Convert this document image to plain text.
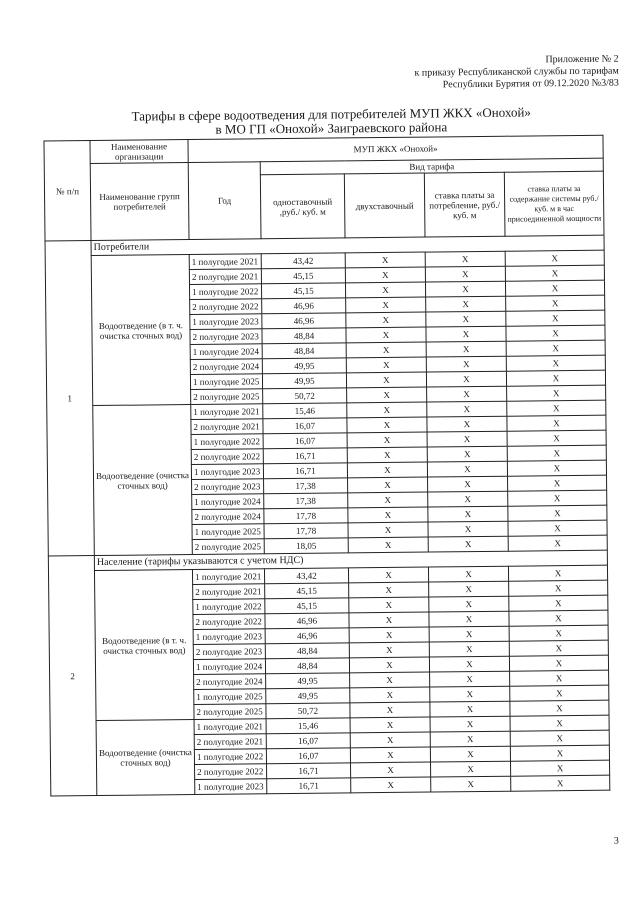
Приложение № 2
к приказу Республиканской службы по тарифам
Республики Бурятия от 09.12.2020 №3/83
Тарифы в сфере водоотведения для потребителей МУП ЖКХ «Онохой»
в МО ГП «Онохой» Заиграевского района
№ п/п	Наименование организации	МУП ЖКХ «Онохой»				
	Наименование групп потребителей	Год	Вид тарифа			
			одноставочный ,руб./ куб. м	двухставочный	ставка платы за потребление, руб./ куб. м	ставка платы за содержание системы руб./куб. м в час присоединенной мощности
1	Потребители					
	Водоотведение (в т. ч. очистка сточных вод)	1 полугодие 2021	43,42	X	X	X
		2 полугодие 2021	45,15	X	X	X
		1 полугодие 2022	45,15	X	X	X
		2 полугодие 2022	46,96	X	X	X
		1 полугодие 2023	46,96	X	X	X
		2 полугодие 2023	48,84	X	X	X
		1 полугодие 2024	48,84	X	X	X
		2 полугодие 2024	49,95	X	X	X
		1 полугодие 2025	49,95	X	X	X
		2 полугодие 2025	50,72	X	X	X
	Водоотведение (очистка сточных вод)	1 полугодие 2021	15,46	X	X	X
		2 полугодие 2021	16,07	X	X	X
		1 полугодие 2022	16,07	X	X	X
		2 полугодие 2022	16,71	X	X	X
		1 полугодие 2023	16,71	X	X	X
		2 полугодие 2023	17,38	X	X	X
		1 полугодие 2024	17,38	X	X	X
		2 полугодие 2024	17,78	X	X	X
		1 полугодие 2025	17,78	X	X	X
		2 полугодие 2025	18,05	X	X	X
2	Население (тарифы указываются с учетом НДС)					
	Водоотведение (в т. ч. очистка сточных вод)	1 полугодие 2021	43,42	X	X	X
		2 полугодие 2021	45,15	X	X	X
		1 полугодие 2022	45,15	X	X	X
		2 полугодие 2022	46,96	X	X	X
		1 полугодие 2023	46,96	X	X	X
		2 полугодие 2023	48,84	X	X	X
		1 полугодие 2024	48,84	X	X	X
		2 полугодие 2024	49,95	X	X	X
		1 полугодие 2025	49,95	X	X	X
		2 полугодие 2025	50,72	X	X	X
	Водоотведение (очистка сточных вод)	1 полугодие 2021	15,46	X	X	X
		2 полугодие 2021	16,07	X	X	X
		1 полугодие 2022	16,07	X	X	X
		2 полугодие 2022	16,71	X	X	X
		1 полугодие 2023	16,71	X	X	X
3
